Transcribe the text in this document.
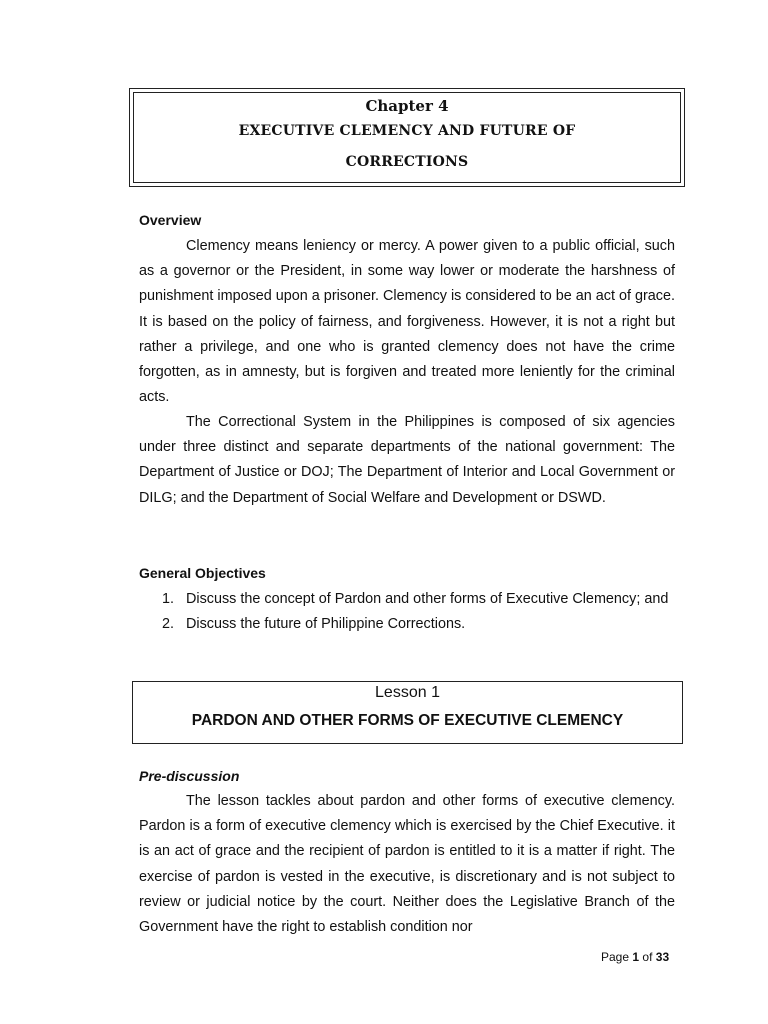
Chapter 4
EXECUTIVE CLEMENCY AND FUTURE OF
CORRECTIONS
Overview

Clemency means leniency or mercy. A power given to a public official, such as a governor or the President, in some way lower or moderate the harshness of punishment imposed upon a prisoner. Clemency is considered to be an act of grace. It is based on the policy of fairness, and forgiveness. However, it is not a right but rather a privilege, and one who is granted clemency does not have the crime forgotten, as in amnesty, but is forgiven and treated more leniently for the criminal acts.

The Correctional System in the Philippines is composed of six agencies under three distinct and separate departments of the national government: The Department of Justice or DOJ; The Department of Interior and Local Government or DILG; and the Department of Social Welfare and Development or DSWD.

General Objectives
1. Discuss the concept of Pardon and other forms of Executive Clemency; and
2. Discuss the future of Philippine Corrections.
Lesson 1
PARDON AND OTHER FORMS OF EXECUTIVE CLEMENCY
Pre-discussion

The lesson tackles about pardon and other forms of executive clemency. Pardon is a form of executive clemency which is exercised by the Chief Executive. it is an act of grace and the recipient of pardon is entitled to it is a matter if right. The exercise of pardon is vested in the executive, is discretionary and is not subject to review or judicial notice by the court. Neither does the Legislative Branch of the Government have the right to establish condition nor

Page 1 of 33
